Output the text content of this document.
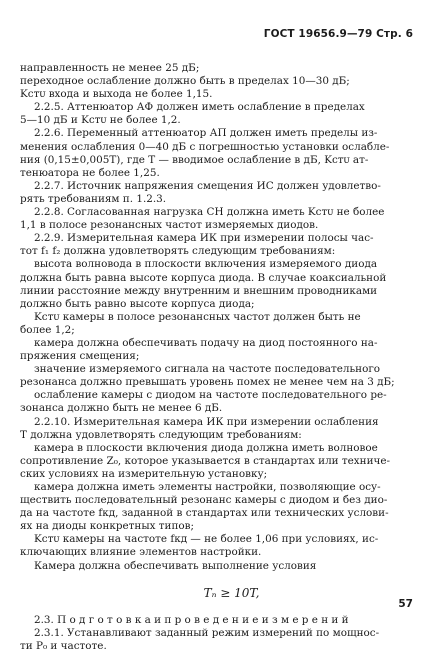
ГОСТ 19656.9—79 Стр. 6
направленность не менее 25 дБ;
переходное ослабление должно быть в пределах 10—30 дБ;
Kстᴜ входа и выхода не более 1,15.
2.2.5. Аттенюатор АФ должен иметь ослабление в пределах
5—10 дБ и Kстᴜ не более 1,2.
2.2.6. Переменный аттенюатор АП должен иметь пределы из-
менения ослабления 0—40 дБ с погрешностью установки ослабле-
ния (0,15±0,005T), где T — вводимое ослабление в дБ, Kстᴜ ат-
тенюатора не более 1,25.
2.2.7. Источник напряжения смещения ИС должен удовлетво-
рять требованиям п. 1.2.3.
2.2.8. Согласованная нагрузка СН должна иметь Kстᴜ не более
1,1 в полосе резонансных частот измеряемых диодов.
2.2.9. Измерительная камера ИК при измерении полосы час-
тот f₁ f₂ должна удовлетворять следующим требованиям:
высота волновода в плоскости включения измеряемого диода
должна быть равна высоте корпуса диода. В случае коаксиальной
линии расстояние между внутренним и внешним проводниками
должно быть равно высоте корпуса диода;
Kстᴜ камеры в полосе резонансных частот должен быть не
более 1,2;
камера должна обеспечивать подачу на диод постоянного на-
пряжения смещения;
значение измеряемого сигнала на частоте последовательного
резонанса должно превышать уровень помех не менее чем на 3 дБ;
ослабление камеры с диодом на частоте последовательного ре-
зонанса должно быть не менее 6 дБ.
2.2.10. Измерительная камера ИК при измерении ослабления
T должна удовлетворять следующим требованиям:
камера в плоскости включения диода должна иметь волновое
сопротивление Z₀, которое указывается в стандартах или техниче-
ских условиях на измерительную установку;
камера должна иметь элементы настройки, позволяющие осу-
ществить последовательный резонанс камеры с диодом и без дио-
да на частоте fкд, заданной в стандартах или технических услови-
ях на диоды конкретных типов;
Kстᴜ камеры на частоте fкд — не более 1,06 при условиях, ис-
ключающих влияние элементов настройки.
Камера должна обеспечивать выполнение условия
Tₙ ≥ 10T,
2.3. П о д г о т о в к а и п р о в е д е н и е и з м е р е н и й
2.3.1. Устанавливают заданный режим измерений по мощнос-
ти P₀ и частоте.
57
